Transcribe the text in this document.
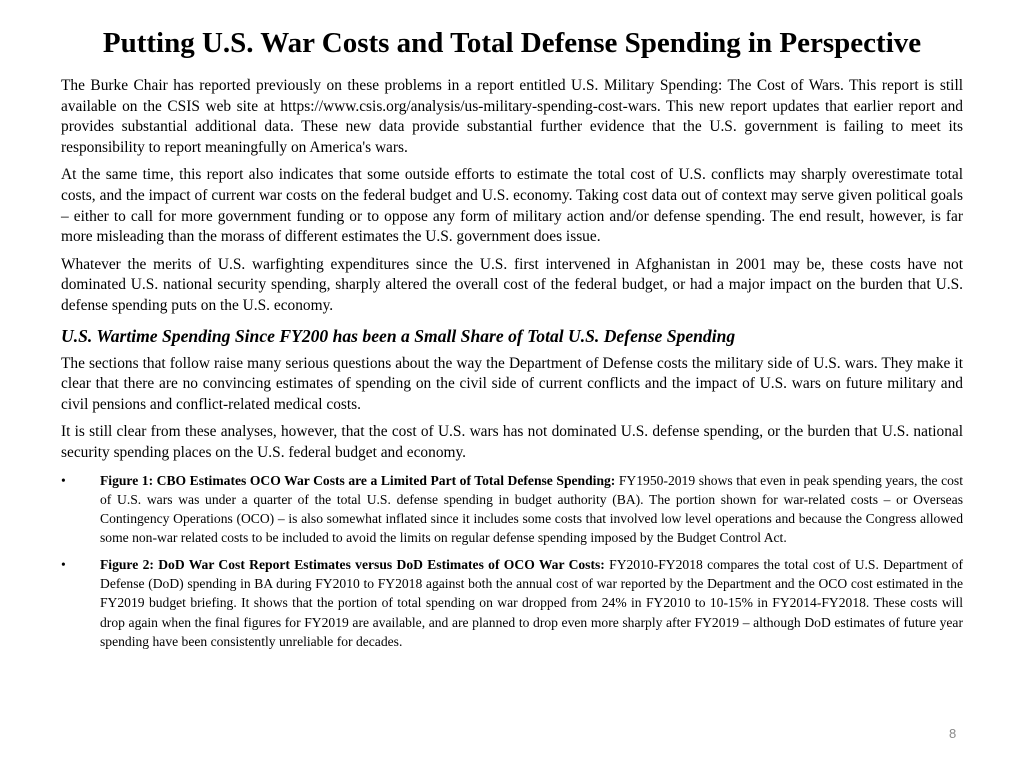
Putting U.S. War Costs and Total Defense Spending in Perspective

The Burke Chair has reported previously on these problems in a report entitled U.S. Military Spending: The Cost of Wars. This report is still available on the CSIS web site at https://www.csis.org/analysis/us-military-spending-cost-wars. This new report updates that earlier report and provides substantial additional data. These new data provide substantial further evidence that the U.S. government is failing to meet its responsibility to report meaningfully on America's wars.

At the same time, this report also indicates that some outside efforts to estimate the total cost of U.S. conflicts may sharply overestimate total costs, and the impact of current war costs on the federal budget and U.S. economy. Taking cost data out of context may serve given political goals – either to call for more government funding or to oppose any form of military action and/or defense spending. The end result, however, is far more misleading than the morass of different estimates the U.S. government does issue.

Whatever the merits of U.S. warfighting expenditures since the U.S. first intervened in Afghanistan in 2001 may be, these costs have not dominated U.S. national security spending, sharply altered the overall cost of the federal budget, or had a major impact on the burden that U.S. defense spending puts on the U.S. economy.

U.S. Wartime Spending Since FY200 has been a Small Share of Total U.S. Defense Spending

The sections that follow raise many serious questions about the way the Department of Defense costs the military side of U.S. wars. They make it clear that there are no convincing estimates of spending on the civil side of current conflicts and the impact of U.S. wars on future military and civil pensions and conflict-related medical costs.

It is still clear from these analyses, however, that the cost of U.S. wars has not dominated U.S. defense spending, or the burden that U.S. national security spending places on the U.S. federal budget and economy.

•	Figure 1: CBO Estimates OCO War Costs are a Limited Part of Total Defense Spending: FY1950-2019 shows that even in peak spending years, the cost of U.S. wars was under a quarter of the total U.S. defense spending in budget authority (BA). The portion shown for war-related costs – or Overseas Contingency Operations (OCO) – is also somewhat inflated since it includes some costs that involved low level operations and because the Congress allowed some non-war related costs to be included to avoid the limits on regular defense spending imposed by the Budget Control Act.
•	Figure 2: DoD War Cost Report Estimates versus DoD Estimates of OCO War Costs: FY2010-FY2018 compares the total cost of U.S. Department of Defense (DoD) spending in BA during FY2010 to FY2018 against both the annual cost of war reported by the Department and the OCO cost estimated in the FY2019 budget briefing. It shows that the portion of total spending on war dropped from 24% in FY2010 to 10-15% in FY2014-FY2018. These costs will drop again when the final figures for FY2019 are available, and are planned to drop even more sharply after FY2019 – although DoD estimates of future year spending have been consistently unreliable for decades.
8
